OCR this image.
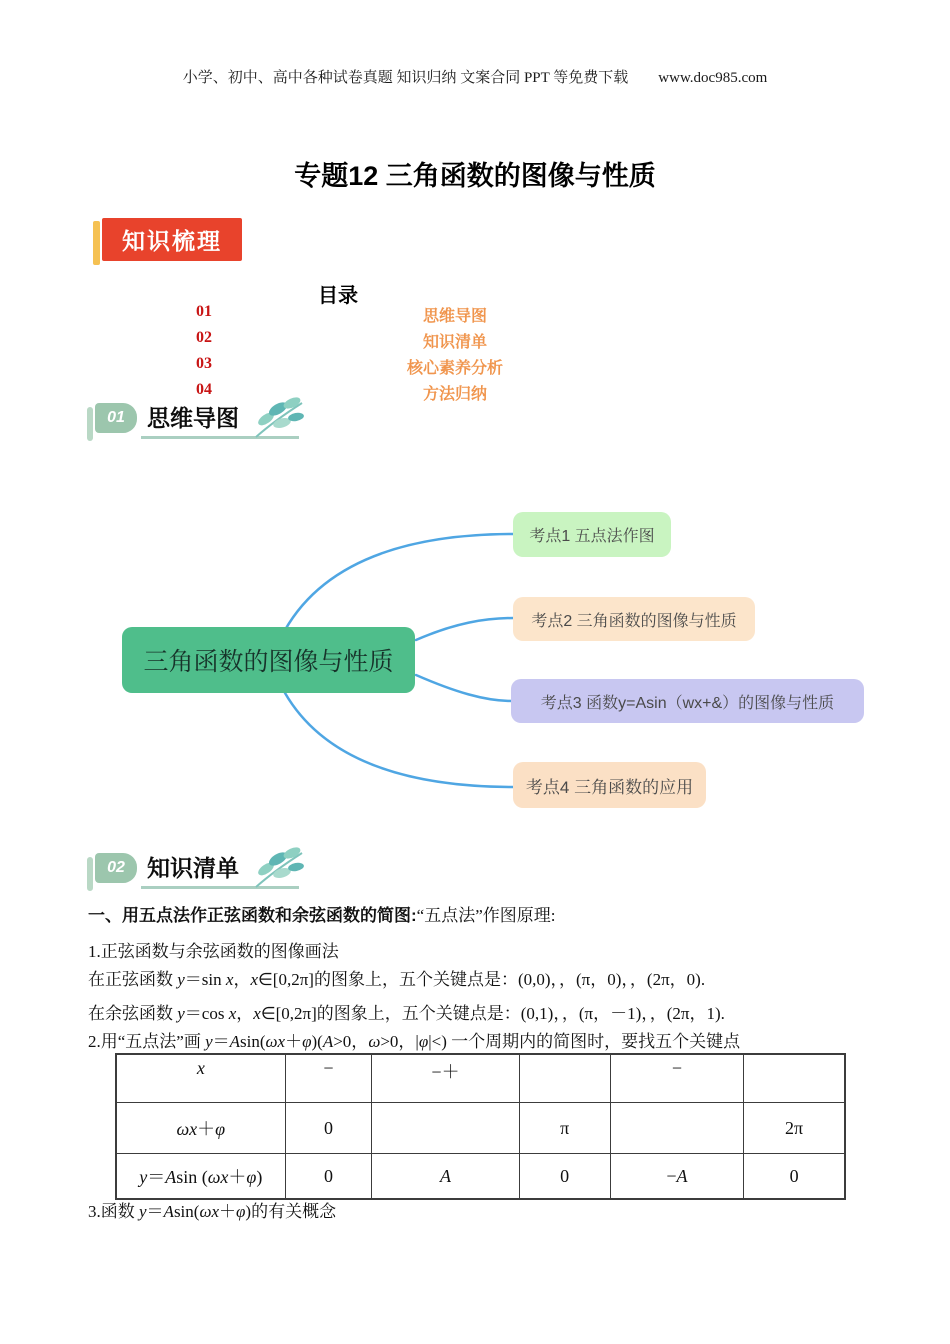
小学、初中、高中各种试卷真题 知识归纳 文案合同 PPT 等免费下载 www.doc985.com
专题12 三角函数的图像与性质
知识梳理
目录
01	思维导图
02	知识清单
03	核心素养分析
04	方法归纳
01 思维导图
三角函数的图像与性质
考点1 五点法作图
考点2 三角函数的图像与性质
考点3 函数y=Asin（wx+&）的图像与性质
考点4 三角函数的应用
02 知识清单
一、用五点法作正弦函数和余弦函数的简图:“五点法”作图原理:
1.正弦函数与余弦函数的图像画法
在正弦函数 y＝sin x，x∈[0,2π]的图象上，五个关键点是：(0,0)，，(π，0)，，(2π，0).
在余弦函数 y＝cos x，x∈[0,2π]的图象上，五个关键点是：(0,1)，，(π，－1)，，(2π，1).
2.用“五点法”画 y＝Asin(ωx＋φ)(A>0，ω>0，|φ|<) 一个周期内的简图时，要找五个关键点
x	−	−＋		−	
ωx＋φ	0		π		2π
y＝Asin (ωx＋φ)	0	A	0	−A	0
3.函数 y＝Asin(ωx＋φ)的有关概念
